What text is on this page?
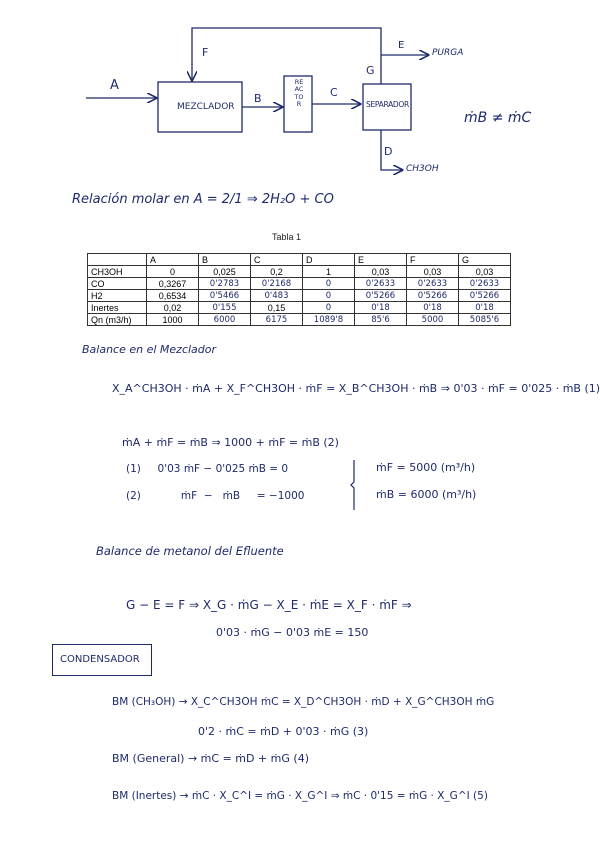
A
F
B	C
G
E
D
PURGA
CH3OH
MEZCLADOR
REACTOR	SEPARADOR
ṁB ≠ ṁC
Relación molar en A = 2/1 ⇒ 2H₂O + CO
Tabla 1
	A	B	C	D	E	F	G
CH3OH	0	0,025	0,2	1	0,03	0,03	0,03
CO	0,3267	0'2783	0'2168	0	0'2633	0'2633	0'2633
H2	0,6534	0'5466	0'483	0	0'5266	0'5266	0'5266
Inertes	0,02	0'155	0,15	0	0'18	0'18	0'18
Qn (m3/h)	1000	6000	6175	1089'8	85'6	5000	5085'6
Balance en el Mezclador
X_A^CH3OH · ṁA + X_F^CH3OH · ṁF = X_B^CH3OH · ṁB ⇒ 0'03 · ṁF = 0'025 · ṁB (1)
ṁA + ṁF = ṁB ⇒ 1000 + ṁF = ṁB (2)
(1)     0'03 ṁF − 0'025 ṁB = 0
(2)            ṁF  −   ṁB     = −1000
ṁF = 5000 (m³/h)
ṁB = 6000 (m³/h)
Balance de metanol del Efluente
G − E = F ⇒ X_G · ṁG − X_E · ṁE = X_F · ṁF ⇒
0'03 · ṁG − 0'03 ṁE = 150
CONDENSADOR
BM (CH₃OH) → X_C^CH3OH ṁC = X_D^CH3OH · ṁD + X_G^CH3OH ṁG
0'2 · ṁC = ṁD + 0'03 · ṁG (3)
BM (General) → ṁC = ṁD + ṁG (4)
BM (Inertes) → ṁC · X_C^I = ṁG · X_G^I ⇒ ṁC · 0'15 = ṁG · X_G^I (5)
